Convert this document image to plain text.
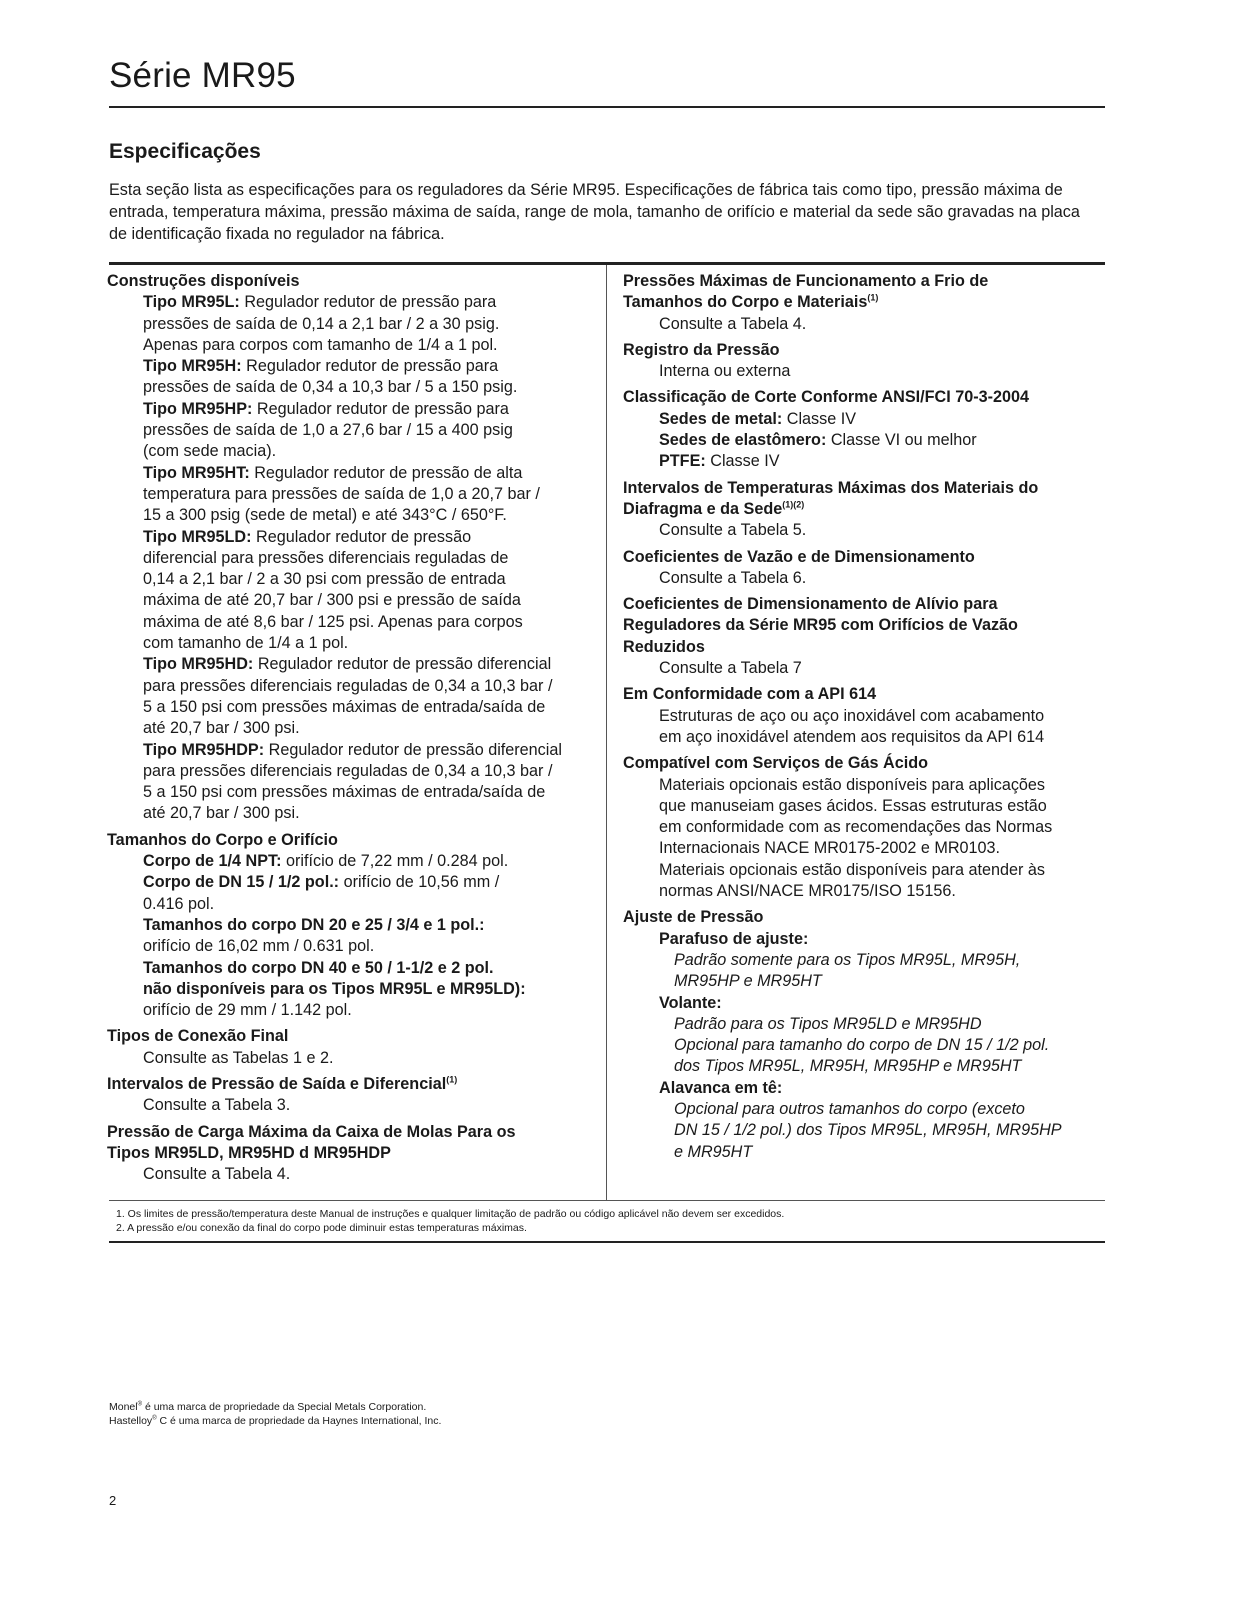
Série MR95
Especificações

Esta seção lista as especificações para os reguladores da Série MR95. Especificações de fábrica tais como tipo, pressão máxima de entrada, temperatura máxima, pressão máxima de saída, range de mola, tamanho de orifício e material da sede são gravadas na placa de identificação fixada no regulador na fábrica.

Construções disponíveis

Tipo MR95L: Regulador redutor de pressão para

pressões de saída de 0,14 a 2,1 bar / 2 a 30 psig.

Apenas para corpos com tamanho de 1/4 a 1 pol.

Tipo MR95H: Regulador redutor de pressão para

pressões de saída de 0,34 a 10,3 bar / 5 a 150 psig.

Tipo MR95HP: Regulador redutor de pressão para

pressões de saída de 1,0 a 27,6 bar / 15 a 400 psig

(com sede macia).

Tipo MR95HT: Regulador redutor de pressão de alta

temperatura para pressões de saída de 1,0 a 20,7 bar /

15 a 300 psig (sede de metal) e até 343°C / 650°F.

Tipo MR95LD: Regulador redutor de pressão

diferencial para pressões diferenciais reguladas de

0,14 a 2,1 bar / 2 a 30 psi com pressão de entrada

máxima de até 20,7 bar / 300 psi e pressão de saída

máxima de até 8,6 bar / 125 psi. Apenas para corpos

com tamanho de 1/4 a 1 pol.

Tipo MR95HD: Regulador redutor de pressão diferencial

para pressões diferenciais reguladas de 0,34 a 10,3 bar /

5 a 150 psi com pressões máximas de entrada/saída de

até 20,7 bar / 300 psi.

Tipo MR95HDP: Regulador redutor de pressão diferencial

para pressões diferenciais reguladas de 0,34 a 10,3 bar /

5 a 150 psi com pressões máximas de entrada/saída de

até 20,7 bar / 300 psi.

Tamanhos do Corpo e Orifício

Corpo de 1/4 NPT: orifício de 7,22 mm / 0.284 pol.

Corpo de DN 15 / 1/2 pol.: orifício de 10,56 mm /

0.416 pol.

Tamanhos do corpo DN 20 e 25 / 3/4 e 1 pol.:

orifício de 16,02 mm / 0.631 pol.

Tamanhos do corpo DN 40 e 50 / 1-1/2 e 2 pol.

não disponíveis para os Tipos MR95L e MR95LD):

orifício de 29 mm / 1.142 pol.

Tipos de Conexão Final

Consulte as Tabelas 1 e 2.

Intervalos de Pressão de Saída e Diferencial$^{(1)}$

Consulte a Tabela 3.

Pressão de Carga Máxima da Caixa de Molas Para os

Tipos MR95LD, MR95HD d MR95HDP

Consulte a Tabela 4.

Pressões Máximas de Funcionamento a Frio de

Tamanhos do Corpo e Materiais$^{(1)}$

Consulte a Tabela 4.

Registro da Pressão

Interna ou externa

Classificação de Corte Conforme ANSI/FCI 70-3-2004

Sedes de metal: Classe IV

Sedes de elastômero: Classe VI ou melhor

PTFE: Classe IV

Intervalos de Temperaturas Máximas dos Materiais do

Diafragma e da Sede$^{(1)(2)}$

Consulte a Tabela 5.

Coeficientes de Vazão e de Dimensionamento

Consulte a Tabela 6.

Coeficientes de Dimensionamento de Alívio para

Reguladores da Série MR95 com Orifícios de Vazão

Reduzidos

Consulte a Tabela 7

Em Conformidade com a API 614

Estruturas de aço ou aço inoxidável com acabamento

em aço inoxidável atendem aos requisitos da API 614

Compatível com Serviços de Gás Ácido

Materiais opcionais estão disponíveis para aplicações

que manuseiam gases ácidos. Essas estruturas estão

em conformidade com as recomendações das Normas

Internacionais NACE MR0175-2002 e MR0103.

Materiais opcionais estão disponíveis para atender às

normas ANSI/NACE MR0175/ISO 15156.

Ajuste de Pressão

Parafuso de ajuste:

Padrão somente para os Tipos MR95L, MR95H,

MR95HP e MR95HT

Volante:

Padrão para os Tipos MR95LD e MR95HD

Opcional para tamanho do corpo de DN 15 / 1/2 pol.

dos Tipos MR95L, MR95H, MR95HP e MR95HT

Alavanca em tê:

Opcional para outros tamanhos do corpo (exceto

DN 15 / 1/2 pol.) dos Tipos MR95L, MR95H, MR95HP

e MR95HT

1. Os limites de pressão/temperatura deste Manual de instruções e qualquer limitação de padrão ou código aplicável não devem ser excedidos.

2. A pressão e/ou conexão da final do corpo pode diminuir estas temperaturas máximas.

Monel® é uma marca de propriedade da Special Metals Corporation.

Hastelloy® C é uma marca de propriedade da Haynes International, Inc.

2
